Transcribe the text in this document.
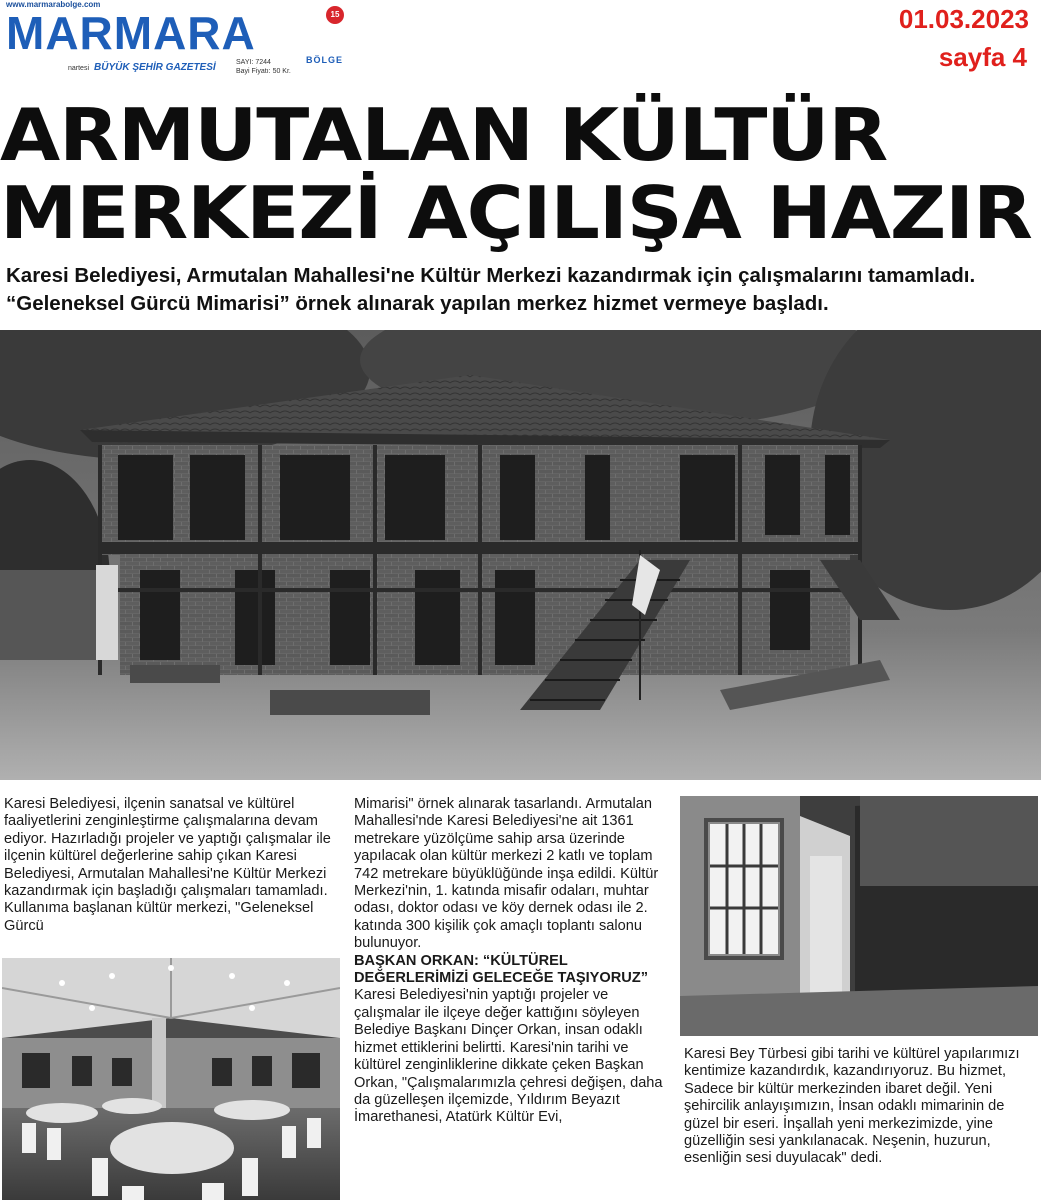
www.marmarabolge.com
MARMARA	15
BÖLGE
nartesi BÜYÜK ŞEHİR GAZETESİ	SAYI: 7244
Bayi Fiyatı: 50 Kr.
01.03.2023
sayfa 4
ARMUTALAN KÜLTÜR
MERKEZİ AÇILIŞA HAZIR
Karesi Belediyesi, Armutalan Mahallesi'ne Kültür Merkezi kazandırmak için çalışmalarını tamamladı. “Geleneksel Gürcü Mimarisi” örnek alınarak yapılan merkez hizmet vermeye başladı.
Karesi Belediyesi, ilçenin sanatsal ve kültürel faaliyetlerini zenginleştirme çalışmalarına devam ediyor. Hazırladığı projeler ve yaptığı çalışmalar ile ilçenin kültürel değerlerine sahip çıkan Karesi Belediyesi, Armutalan Mahallesi'ne Kültür Merkezi kazandırmak için başladığı çalışmaları tamamladı. Kullanıma başlanan kültür merkezi, "Geleneksel Gürcü
Mimarisi" örnek alınarak tasarlandı. Armutalan Mahallesi'nde Karesi Belediyesi'ne ait 1361 metrekare yüzölçüme sahip arsa üzerinde yapılacak olan kültür merkezi 2 katlı ve toplam 742 metrekare büyüklüğünde inşa edildi. Kültür Merkezi'nin, 1. katında misafir odaları, muhtar odası, doktor odası ve köy dernek odası ile 2. katında 300 kişilik çok amaçlı toplantı salonu bulunuyor.
BAŞKAN ORKAN: “KÜLTÜREL DEĞERLERİMİZİ GELECEĞE TAŞIYORUZ”
Karesi Belediyesi'nin yaptığı projeler ve çalışmalar ile ilçeye değer kattığını söyleyen Belediye Başkanı Dinçer Orkan, insan odaklı hizmet ettiklerini belirtti. Karesi'nin tarihi ve kültürel zenginliklerine dikkate çeken Başkan Orkan, "Çalışmalarımızla çehresi değişen, daha da güzelleşen ilçemizde, Yıldırım Beyazıt İmarethanesi, Atatürk Kültür Evi,
Karesi Bey Türbesi gibi tarihi ve kültürel yapılarımızı kentimize kazandırdık, kazandırıyoruz. Bu hizmet, Sadece bir kültür merkezinden ibaret değil. Yeni şehircilik anlayışımızın, İnsan odaklı mimarinin de güzel bir eseri. İnşallah yeni merkezimizde, yine güzelliğin sesi yankılanacak. Neşenin, huzurun, esenliğin sesi duyulacak" dedi.
